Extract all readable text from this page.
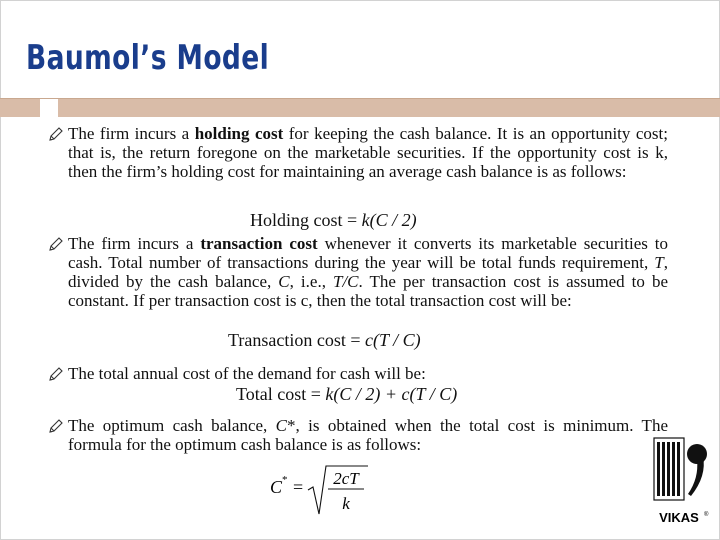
Baumol’s Model
The firm incurs a holding cost for keeping the cash balance. It is an opportunity cost; that is, the return foregone on the marketable securities. If the opportunity cost is k, then the firm’s holding cost for maintaining an average cash balance is as follows:
Holding cost = k(C / 2)
The firm incurs a transaction cost whenever it converts its marketable securities to cash. Total number of transactions during the year will be total funds requirement, T, divided by the cash balance, C, i.e., T/C. The per transaction cost is assumed to be constant. If per transaction cost is c, then the total transaction cost will be:
Transaction cost = c(T / C)
The total annual cost of the demand for cash will be:
Total cost = k(C / 2) + c(T / C)
The optimum cash balance, C*, is obtained when the total cost is minimum. The formula for the optimum cash balance is as follows:
C * = 2cT
k
VIKAS ®
